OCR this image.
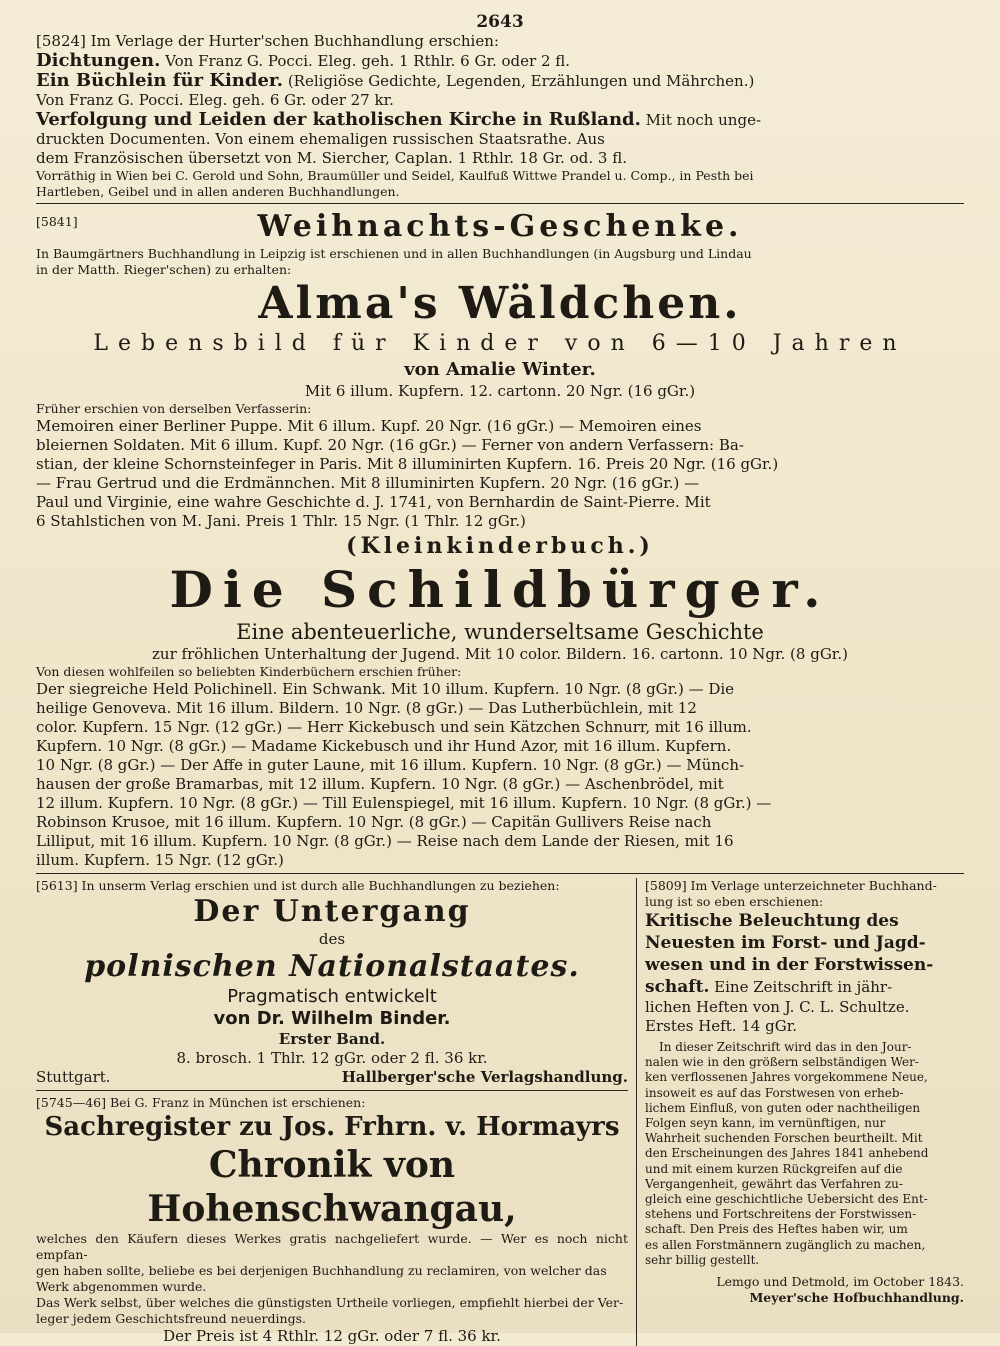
2643

[5824] Im Verlage der Hurter'schen Buchhandlung erschien:

Dichtungen. Von Franz G. Pocci. Eleg. geh. 1 Rthlr. 6 Gr. oder 2 fl.

Ein Büchlein für Kinder. (Religiöse Gedichte, Legenden, Erzählungen und Mährchen.)

Von Franz G. Pocci. Eleg. geh. 6 Gr. oder 27 kr.

Verfolgung und Leiden der katholischen Kirche in Rußland. Mit noch unge-

druckten Documenten. Von einem ehemaligen russischen Staatsrathe. Aus

dem Französischen übersetzt von M. Siercher, Caplan. 1 Rthlr. 18 Gr. od. 3 fl.

Vorräthig in Wien bei C. Gerold und Sohn, Braumüller und Seidel, Kaulfuß Wittwe Prandel u. Comp., in Pesth bei

Hartleben, Geibel und in allen anderen Buchhandlungen.

[5841]	Weihnachts-Geschenke.

In Baumgärtners Buchhandlung in Leipzig ist erschienen und in allen Buchhandlungen (in Augsburg und Lindau

in der Matth. Rieger'schen) zu erhalten:

Alma's Wäldchen.

Lebensbild für Kinder von 6—10 Jahren

von Amalie Winter.

Mit 6 illum. Kupfern. 12. cartonn. 20 Ngr. (16 gGr.)

Früher erschien von derselben Verfasserin:

Memoiren einer Berliner Puppe. Mit 6 illum. Kupf. 20 Ngr. (16 gGr.) — Memoiren eines

bleiernen Soldaten. Mit 6 illum. Kupf. 20 Ngr. (16 gGr.) — Ferner von andern Verfassern: Ba-

stian, der kleine Schornsteinfeger in Paris. Mit 8 illuminirten Kupfern. 16. Preis 20 Ngr. (16 gGr.)

— Frau Gertrud und die Erdmännchen. Mit 8 illuminirten Kupfern. 20 Ngr. (16 gGr.) —

Paul und Virginie, eine wahre Geschichte d. J. 1741, von Bernhardin de Saint-Pierre. Mit

6 Stahlstichen von M. Jani. Preis 1 Thlr. 15 Ngr. (1 Thlr. 12 gGr.)

(Kleinkinderbuch.)

Die Schildbürger.

Eine abenteuerliche, wunderseltsame Geschichte

zur fröhlichen Unterhaltung der Jugend. Mit 10 color. Bildern. 16. cartonn. 10 Ngr. (8 gGr.)

Von diesen wohlfeilen so beliebten Kinderbüchern erschien früher:

Der siegreiche Held Polichinell. Ein Schwank. Mit 10 illum. Kupfern. 10 Ngr. (8 gGr.) — Die

heilige Genoveva. Mit 16 illum. Bildern. 10 Ngr. (8 gGr.) — Das Lutherbüchlein, mit 12

color. Kupfern. 15 Ngr. (12 gGr.) — Herr Kickebusch und sein Kätzchen Schnurr, mit 16 illum.

Kupfern. 10 Ngr. (8 gGr.) — Madame Kickebusch und ihr Hund Azor, mit 16 illum. Kupfern.

10 Ngr. (8 gGr.) — Der Affe in guter Laune, mit 16 illum. Kupfern. 10 Ngr. (8 gGr.) — Münch-

hausen der große Bramarbas, mit 12 illum. Kupfern. 10 Ngr. (8 gGr.) — Aschenbrödel, mit

12 illum. Kupfern. 10 Ngr. (8 gGr.) — Till Eulenspiegel, mit 16 illum. Kupfern. 10 Ngr. (8 gGr.) —

Robinson Krusoe, mit 16 illum. Kupfern. 10 Ngr. (8 gGr.) — Capitän Gullivers Reise nach

Lilliput, mit 16 illum. Kupfern. 10 Ngr. (8 gGr.) — Reise nach dem Lande der Riesen, mit 16

illum. Kupfern. 15 Ngr. (12 gGr.)

[5613] In unserm Verlag erschien und ist durch alle Buchhandlungen zu beziehen:

Der Untergang

des

polnischen Nationalstaates.

Pragmatisch entwickelt

von Dr. Wilhelm Binder.

Erster Band.

8. brosch. 1 Thlr. 12 gGr. oder 2 fl. 36 kr.

Stuttgart.	Hallberger'sche Verlagshandlung.

[5745—46] Bei G. Franz in München ist erschienen:

Sachregister zu Jos. Frhrn. v. Hormayrs

Chronik von Hohenschwangau,

welches den Käufern dieses Werkes gratis nachgeliefert wurde. — Wer es noch nicht empfan-

gen haben sollte, beliebe es bei derjenigen Buchhandlung zu reclamiren, von welcher das

Werk abgenommen wurde.

Das Werk selbst, über welches die günstigsten Urtheile vorliegen, empfiehlt hierbei der Ver-

leger jedem Geschichtsfreund neuerdings.

Der Preis ist 4 Rthlr. 12 gGr. oder 7 fl. 36 kr.

[5809] Im Verlage unterzeichneter Buchhand-

lung ist so eben erschienen:

Kritische Beleuchtung des

Neuesten im Forst- und Jagd-

wesen und in der Forstwissen-

schaft. Eine Zeitschrift in jähr-

lichen Heften von J. C. L. Schultze.

Erstes Heft. 14 gGr.

In dieser Zeitschrift wird das in den Jour-

nalen wie in den größern selbständigen Wer-

ken verflossenen Jahres vorgekommene Neue,

insoweit es auf das Forstwesen von erheb-

lichem Einfluß, von guten oder nachtheiligen

Folgen seyn kann, im vernünftigen, nur

Wahrheit suchenden Forschen beurtheilt. Mit

den Erscheinungen des Jahres 1841 anhebend

und mit einem kurzen Rückgreifen auf die

Vergangenheit, gewährt das Verfahren zu-

gleich eine geschichtliche Uebersicht des Ent-

stehens und Fortschreitens der Forstwissen-

schaft. Den Preis des Heftes haben wir, um

es allen Forstmännern zugänglich zu machen,

sehr billig gestellt.

Lemgo und Detmold, im October 1843.

Meyer'sche Hofbuchhandlung.
